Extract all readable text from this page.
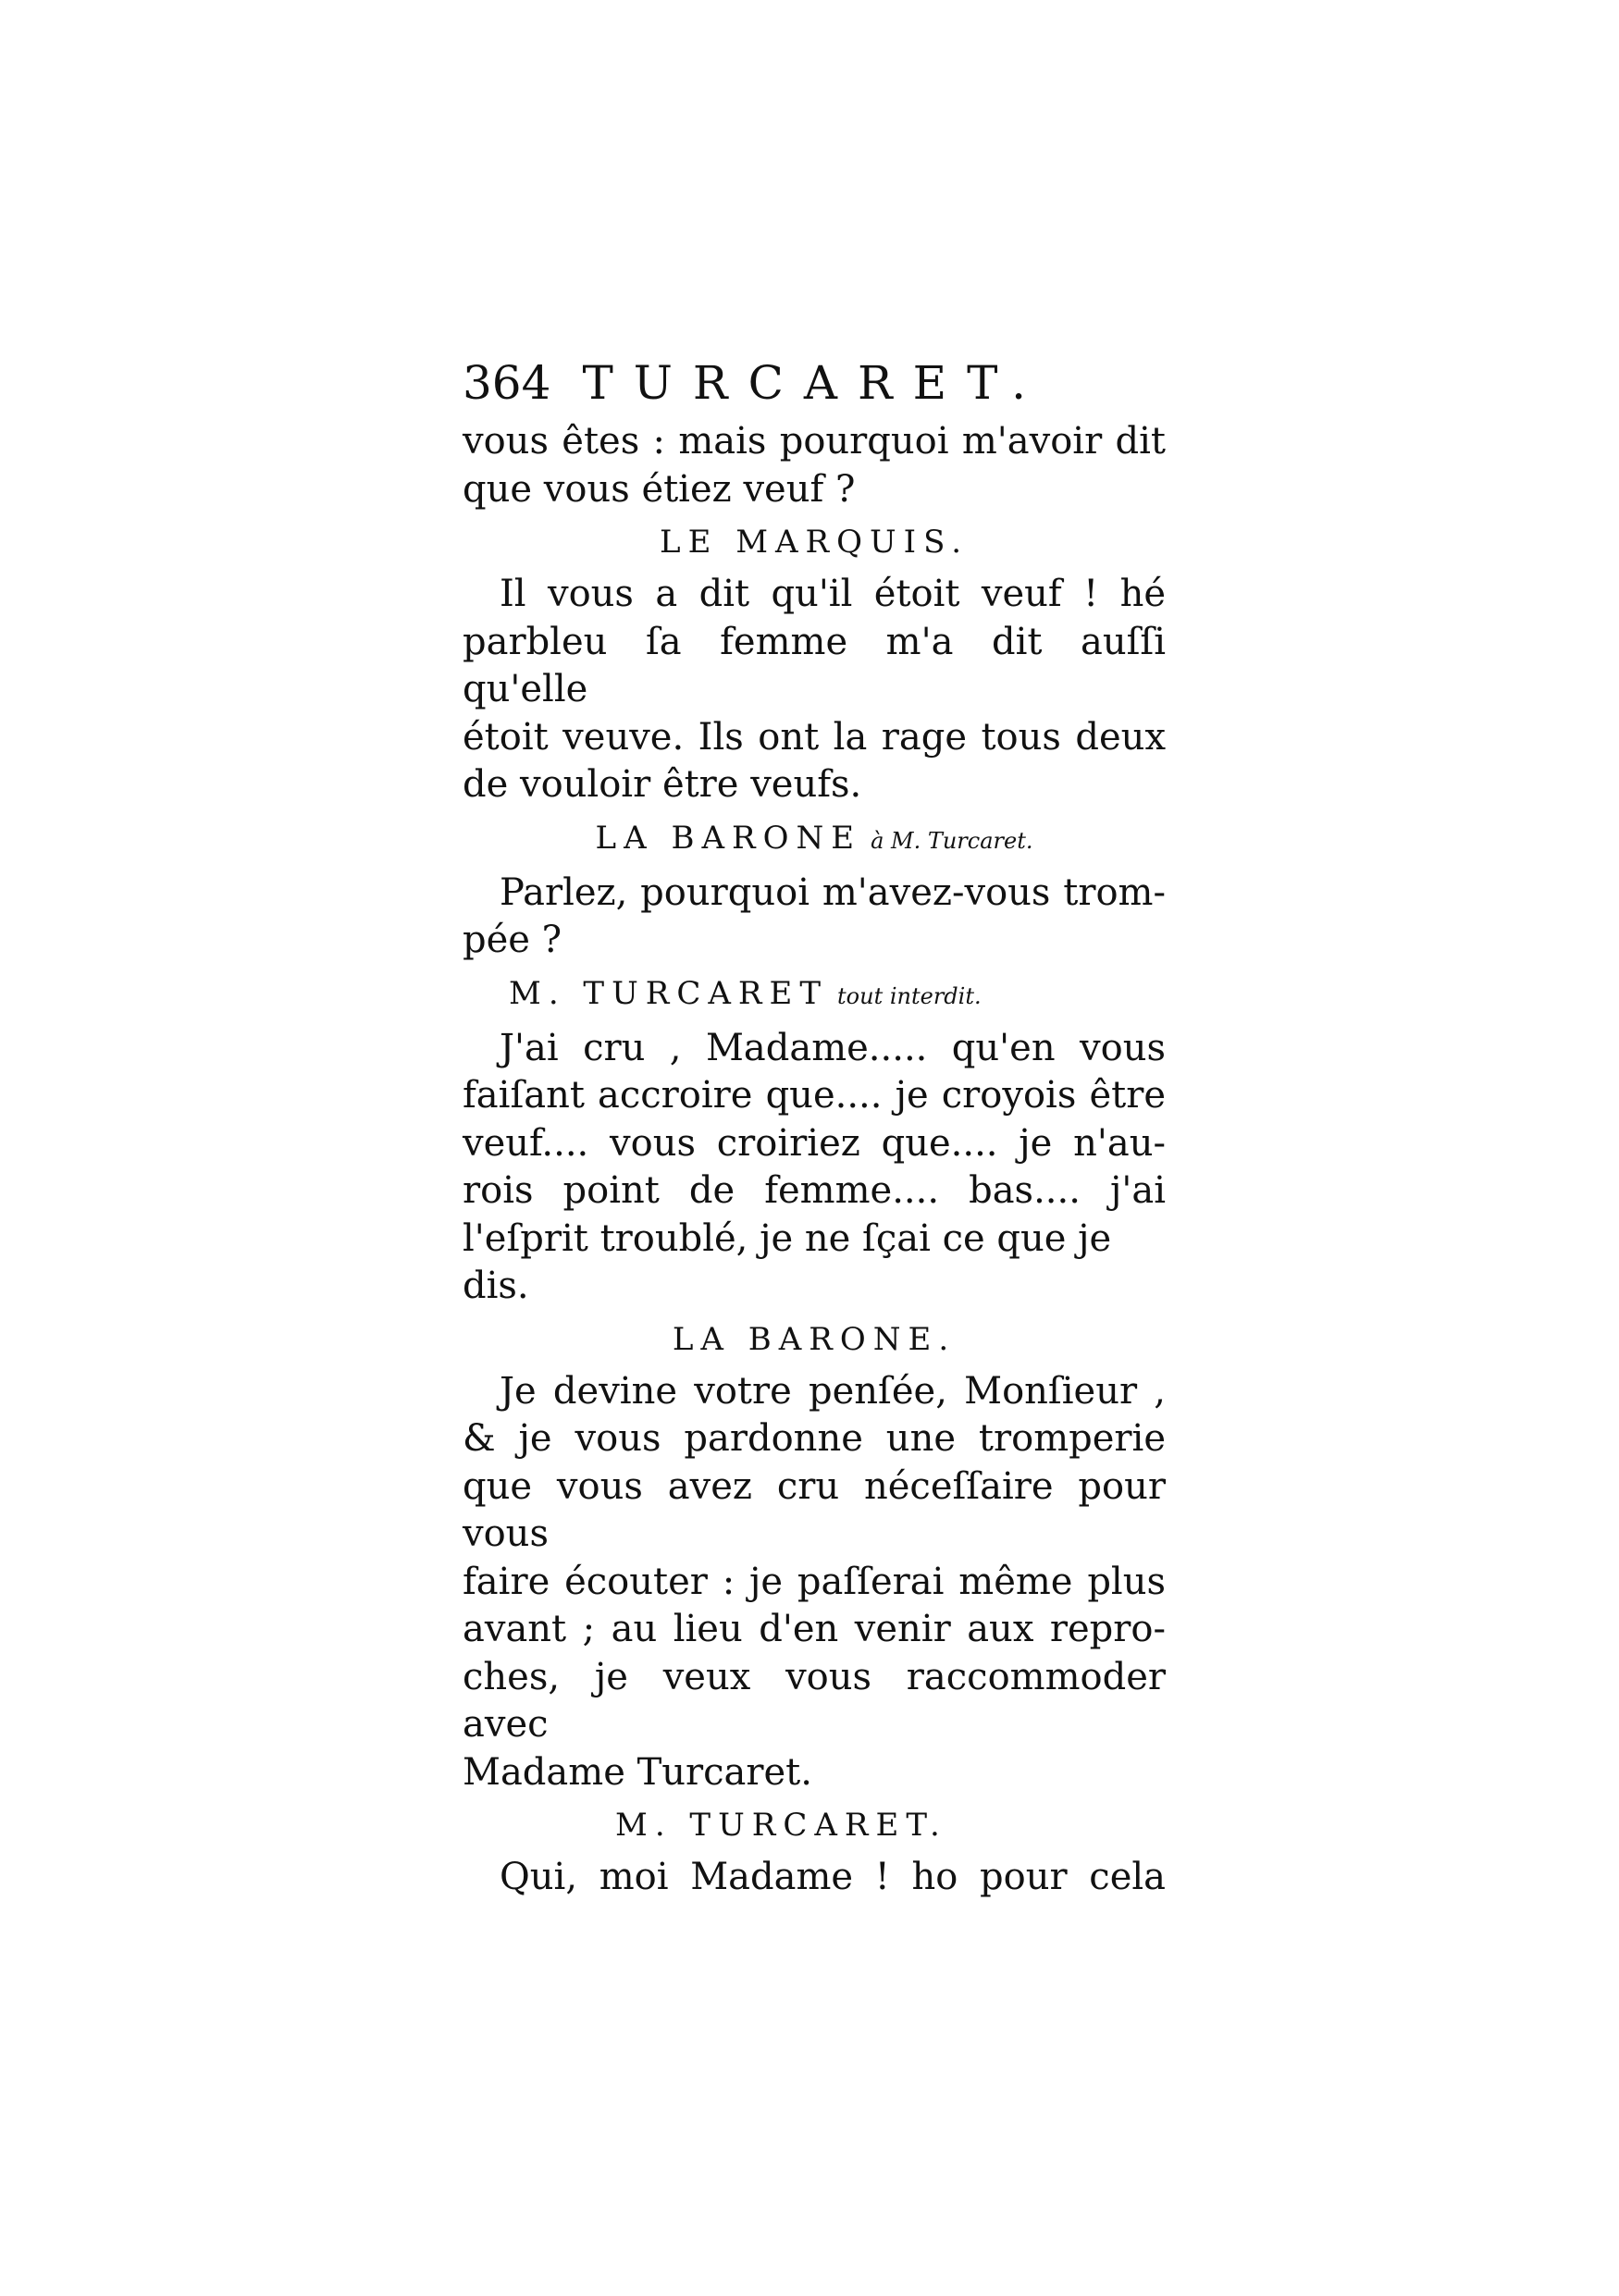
364 TURCARET.

vous êtes : mais pourquoi m'avoir dit
que vous étiez veuf ?

LE MARQUIS.

Il vous a dit qu'il étoit veuf ! hé
parbleu ſa femme m'a dit auſſi qu'elle
étoit veuve. Ils ont la rage tous deux
de vouloir être veufs.

LA BARONE à M. Turcaret.

Parlez, pourquoi m'avez-vous trom-
pée ?

M. TURCARET tout interdit.

J'ai cru , Madame..... qu'en vous
faiſant accroire que.... je croyois être
veuf.... vous croiriez que.... je n'au-
rois point de femme.... bas.... j'ai
l'eſprit troublé, je ne ſçai ce que je dis.

LA BARONE.

Je devine votre penſée, Monſieur ,
& je vous pardonne une tromperie
que vous avez cru néceſſaire pour vous
faire écouter : je paſſerai même plus
avant ; au lieu d'en venir aux repro-
ches, je veux vous raccommoder avec
Madame Turcaret.

M. TURCARET.

Qui, moi Madame ! ho pour cela
